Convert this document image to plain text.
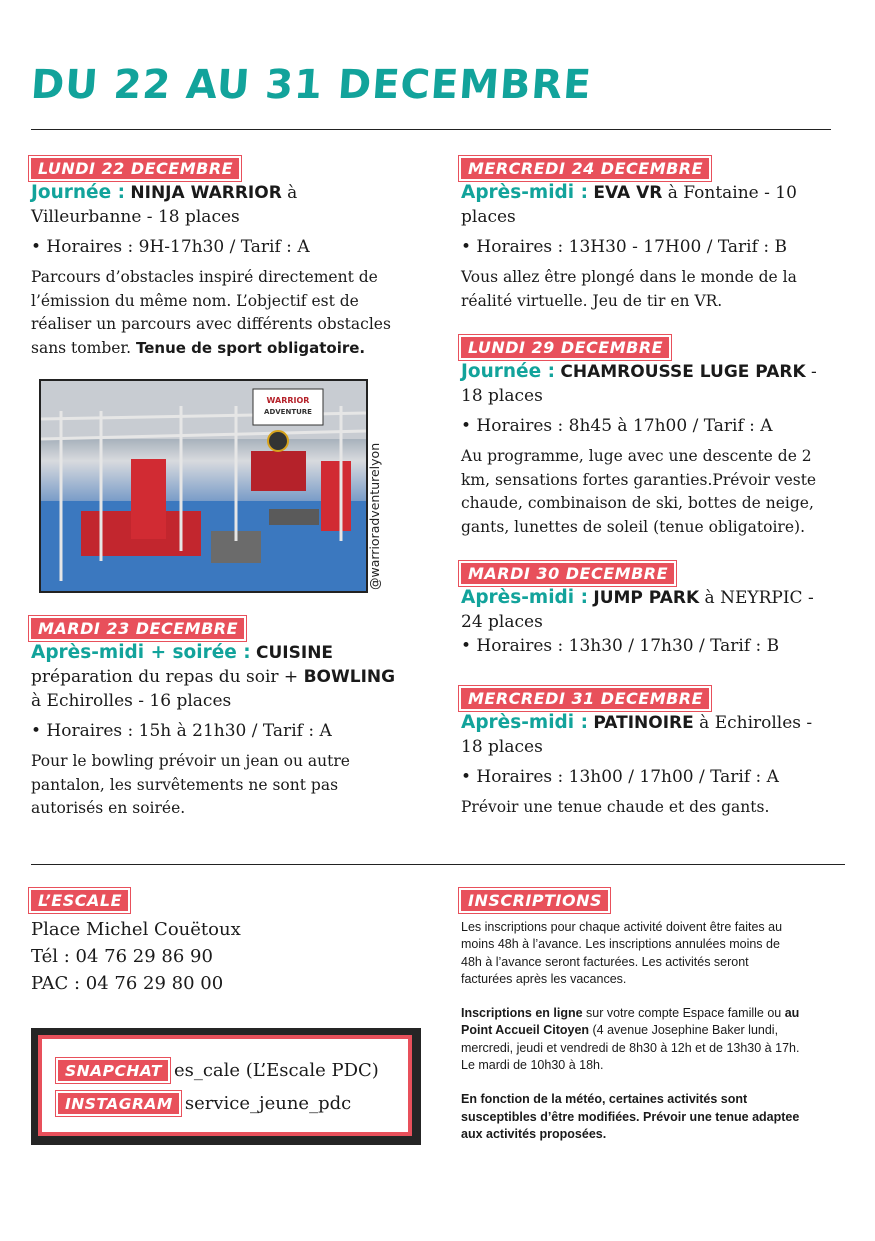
DU 22 AU 31 DECEMBRE
LUNDI 22 DECEMBRE

Journée : NINJA WARRIOR à Villeurbanne - 18 places

• Horaires : 9H-17h30 / Tarif : A

Parcours d’obstacles inspiré directement de l’émission du même nom. L’objectif est de réaliser un parcours avec différents obstacles sans tomber. Tenue de sport obligatoire.

WARRIOR
ADVENTURE
@warrioradventurelyon
MARDI 23 DECEMBRE

Après-midi + soirée : CUISINE préparation du repas du soir + BOWLING à Echirolles - 16 places

• Horaires : 15h à 21h30 / Tarif : A

Pour le bowling prévoir un jean ou autre pantalon, les survêtements ne sont pas autorisés en soirée.

MERCREDI 24 DECEMBRE

Après-midi : EVA VR à Fontaine - 10 places

• Horaires : 13H30 - 17H00 / Tarif : B

Vous allez être plongé dans le monde de la réalité virtuelle. Jeu de tir en VR.

LUNDI 29 DECEMBRE

Journée : CHAMROUSSE LUGE PARK - 18 places

• Horaires : 8h45 à 17h00 / Tarif : A

Au programme, luge avec une descente de 2 km, sensations fortes garanties.Prévoir veste chaude, combinaison de ski, bottes de neige, gants, lunettes de soleil (tenue obligatoire).

MARDI 30 DECEMBRE

Après-midi : JUMP PARK à NEYRPIC - 24 places

• Horaires : 13h30 / 17h30 / Tarif : B

MERCREDI 31 DECEMBRE

Après-midi : PATINOIRE à Echirolles - 18 places

• Horaires : 13h00 / 17h00 / Tarif : A

Prévoir une tenue chaude et des gants.

L’ESCALE
Place Michel Couëtoux
Tél : 04 76 29 86 90
PAC : 04 76 29 80 00
SNAPCHAT es_cale (L’Escale PDC)
INSTAGRAM service_jeune_pdc
INSCRIPTIONS

Les inscriptions pour chaque activité doivent être faites au moins 48h à l’avance. Les inscriptions annulées moins de 48h à l’avance seront facturées. Les activités seront facturées après les vacances.

Inscriptions en ligne sur votre compte Espace famille ou au Point Accueil Citoyen (4 avenue Josephine Baker lundi, mercredi, jeudi et vendredi de 8h30 à 12h et de 13h30 à 17h. Le mardi de 10h30 à 18h.

En fonction de la météo, certaines activités sont susceptibles d’être modifiées. Prévoir une tenue adaptee aux activités proposées.
